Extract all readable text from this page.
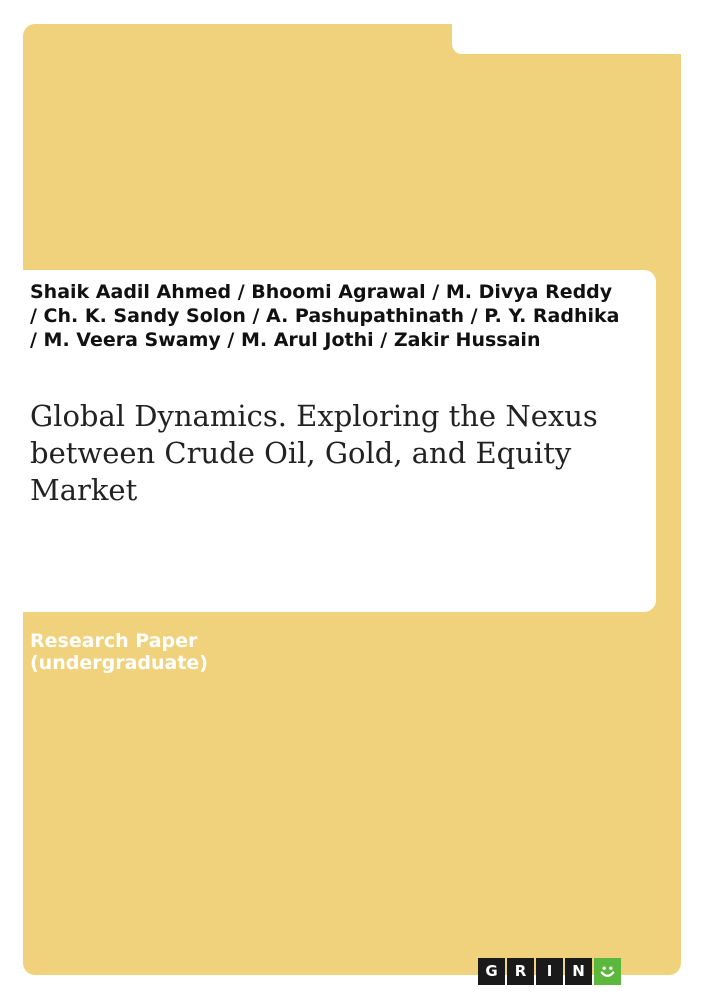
Shaik Aadil Ahmed / Bhoomi Agrawal / M. Divya Reddy / Ch. K. Sandy Solon / A. Pashupathinath / P. Y. Radhika / M. Veera Swamy / M. Arul Jothi / Zakir Hussain

Global Dynamics. Exploring the Nexus between Crude Oil, Gold, and Equity Market

Research Paper (undergraduate)

G	R	I	N
